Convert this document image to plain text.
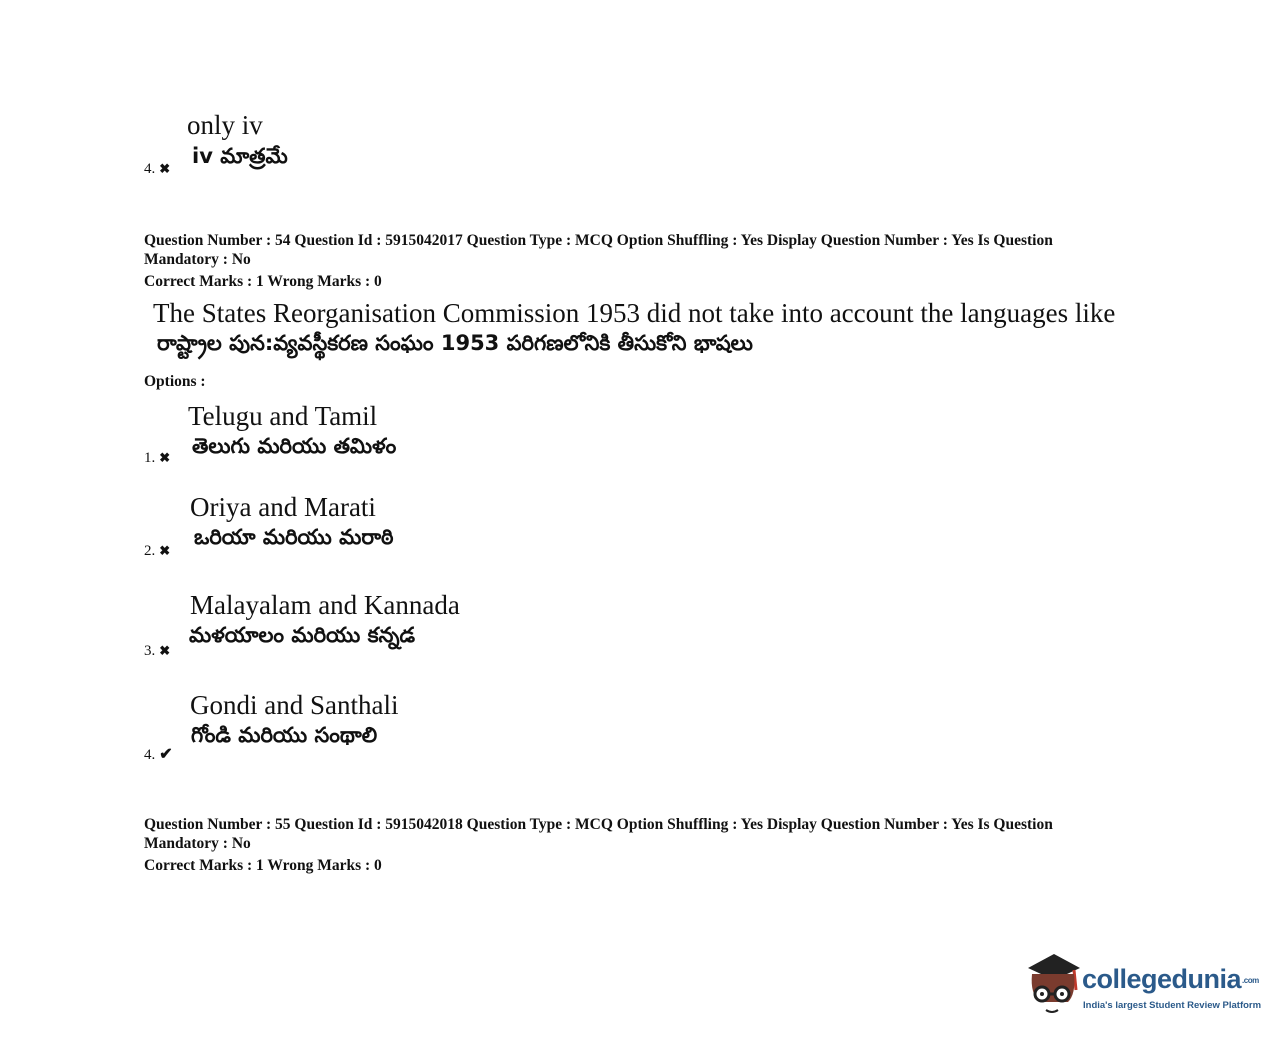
only iv
iv మాత్రమే
4. ✖
Question Number : 54 Question Id : 5915042017 Question Type : MCQ Option Shuffling : Yes Display Question Number : Yes Is Question
Mandatory : No
Correct Marks : 1 Wrong Marks : 0
The States Reorganisation Commission 1953 did not take into account the languages like
రాష్ట్రాల పున:వ్యవస్థీకరణ సంఘం 1953 పరిగణలోనికి తీసుకోని భాషలు
Options :
Telugu and Tamil
తెలుగు మరియు తమిళం
1. ✖
Oriya and Marati
ఒరియా మరియు మరాఠి
2. ✖
Malayalam and Kannada
మళయాలం మరియు కన్నడ
3. ✖
Gondi and Santhali
గోండి మరియు సంథాలి
4. ✔
Question Number : 55 Question Id : 5915042018 Question Type : MCQ Option Shuffling : Yes Display Question Number : Yes Is Question
Mandatory : No
Correct Marks : 1 Wrong Marks : 0
collegedunia.com
India's largest Student Review Platform
